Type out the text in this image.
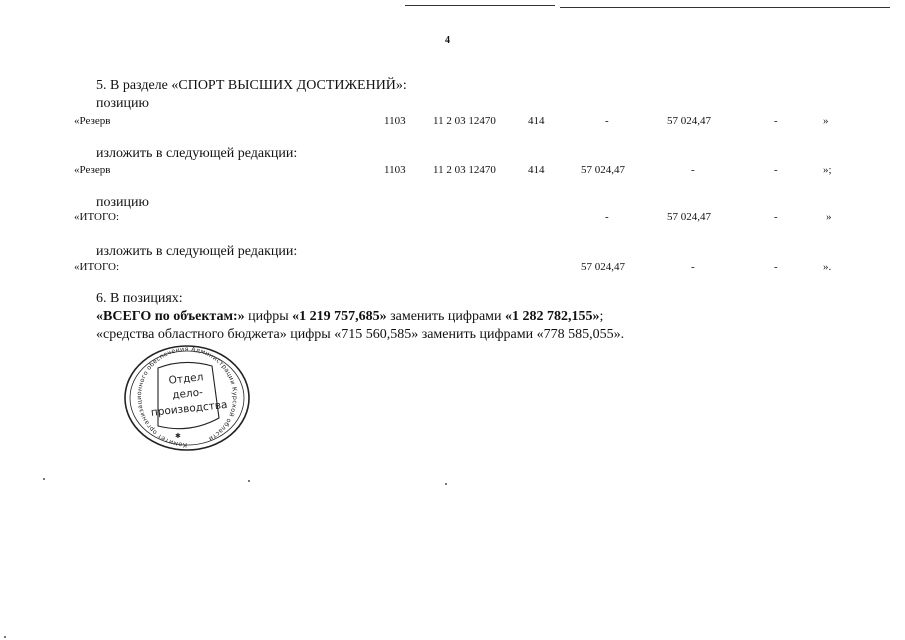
4
5. В разделе «СПОРТ ВЫСШИХ ДОСТИЖЕНИЙ»:
позицию
«Резерв	1103 11 2 03 12470	414	-	57 024,47	-	»
изложить в следующей редакции:
«Резерв	1103 11 2 03 12470	414	57 024,47	-	-	»;
позицию
«ИТОГО:	-	57 024,47	-	»
изложить в следующей редакции:
«ИТОГО:	57 024,47	-	-	».
6. В позициях:
«ВСЕГО по объектам:» цифры «1 219 757,685» заменить цифрами «1 282 782,155»;
«средства областного бюджета» цифры «715 560,585» заменить цифрами «778 585,055».
Комитет организационного обеспечения Администрации Курской области
Отдел
дело-
производства
✱
